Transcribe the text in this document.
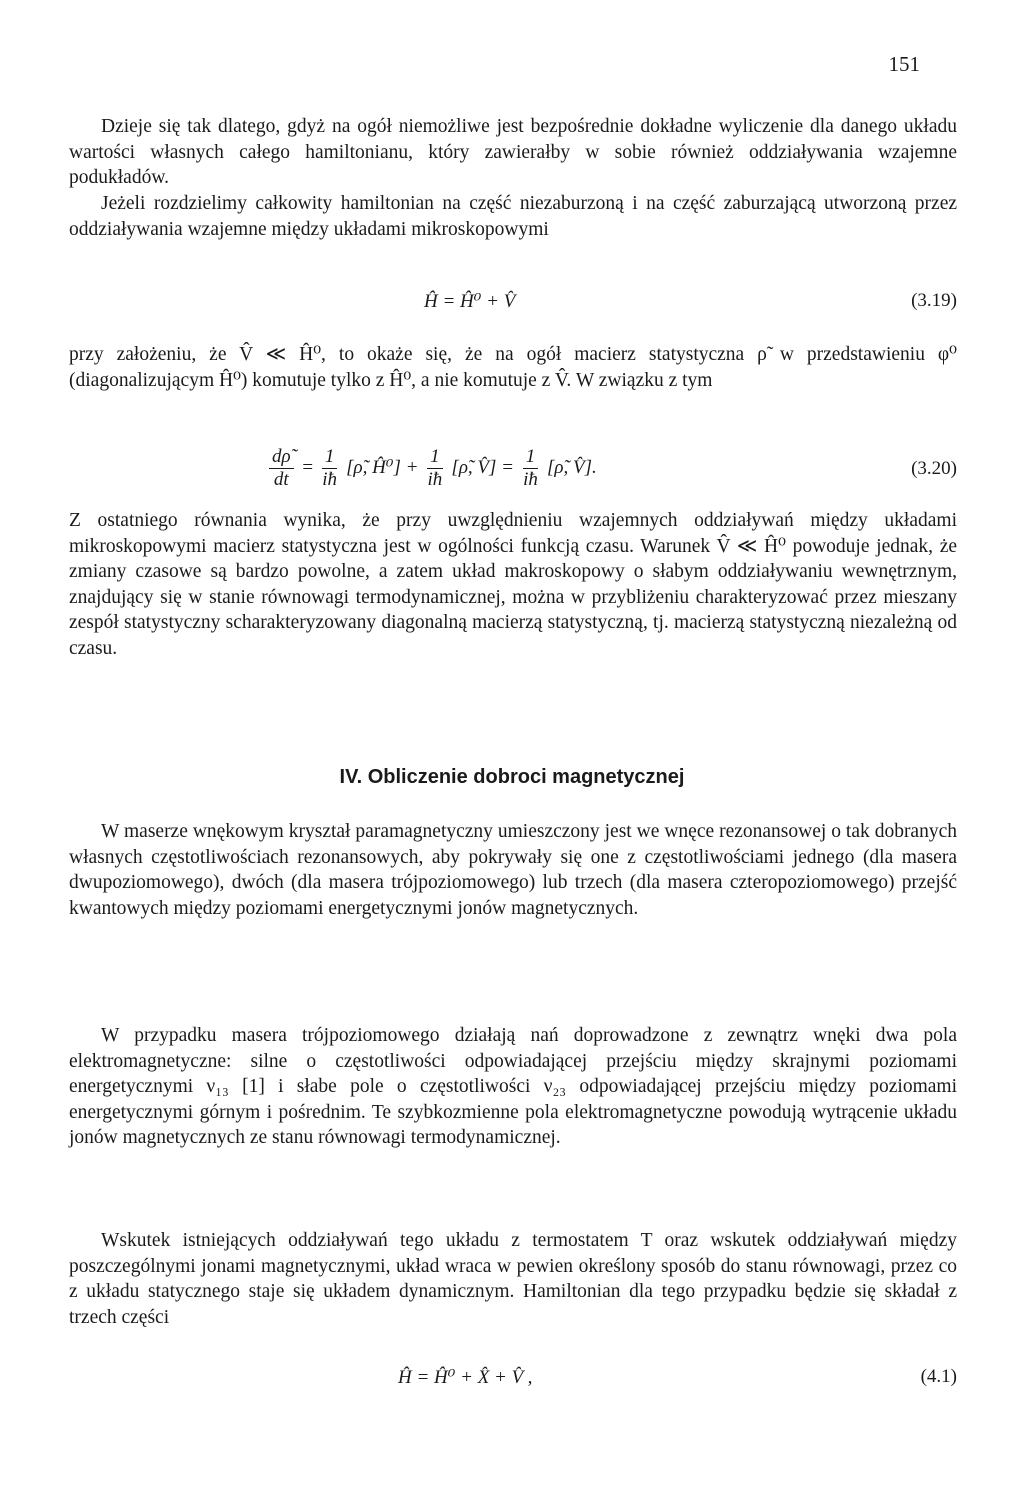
151

Dzieje się tak dlatego, gdyż na ogół niemożliwe jest bezpośrednie dokładne wyliczenie dla danego układu wartości własnych całego hamiltonianu, który zawierałby w sobie również oddziaływania wzajemne podukładów.

Jeżeli rozdzielimy całkowity hamiltonian na część niezaburzoną i na część zaburzającą utworzoną przez oddziaływania wzajemne między układami mikroskopowymi

Ĥ = Ĥ⁰ + V̂	(3.19)

przy założeniu, że V̂ ≪ Ĥ⁰, to okaże się, że na ogół macierz statystyczna ρ̃ w przedstawieniu φ⁰ (diagonalizującym Ĥ⁰) komutuje tylko z Ĥ⁰, a nie komutuje z V̂. W związku z tym

$\frac{d\rhõ}{dt} = \frac{1}{iħ}$ [ρ̃, Ĥ⁰] + $\frac{1}{iħ}$ [ρ̃, V̂] = $\frac{1}{iħ}$ [ρ̃, V̂].	(3.20)

Z ostatniego równania wynika, że przy uwzględnieniu wzajemnych oddziaływań między układami mikroskopowymi macierz statystyczna jest w ogólności funkcją czasu. Warunek V̂ ≪ Ĥ⁰ powoduje jednak, że zmiany czasowe są bardzo powolne, a zatem układ makroskopowy o słabym oddziaływaniu wewnętrznym, znajdujący się w stanie równowagi termodynamicznej, można w przybliżeniu charakteryzować przez mieszany zespół statystyczny scharakteryzowany diagonalną macierzą statystyczną, tj. macierzą statystyczną niezależną od czasu.

IV. Obliczenie dobroci magnetycznej

W maserze wnękowym kryształ paramagnetyczny umieszczony jest we wnęce rezonansowej o tak dobranych własnych częstotliwościach rezonansowych, aby pokrywały się one z częstotliwościami jednego (dla masera dwupoziomowego), dwóch (dla masera trójpoziomowego) lub trzech (dla masera czteropoziomowego) przejść kwantowych między poziomami energetycznymi jonów magnetycznych.

W przypadku masera trójpoziomowego działają nań doprowadzone z zewnątrz wnęki dwa pola elektromagnetyczne: silne o częstotliwości odpowiadającej przejściu między skrajnymi poziomami energetycznymi ν₁₃ [1] i słabe pole o częstotliwości ν₂₃ odpowiadającej przejściu między poziomami energetycznymi górnym i pośrednim. Te szybkozmienne pola elektromagnetyczne powodują wytrącenie układu jonów magnetycznych ze stanu równowagi termodynamicznej.

Wskutek istniejących oddziaływań tego układu z termostatem T oraz wskutek oddziaływań między poszczególnymi jonami magnetycznymi, układ wraca w pewien określony sposób do stanu równowagi, przez co z układu statycznego staje się układem dynamicznym. Hamiltonian dla tego przypadku będzie się składał z trzech części

Ĥ = Ĥ⁰ + X̂ + V̂ ,	(4.1)
